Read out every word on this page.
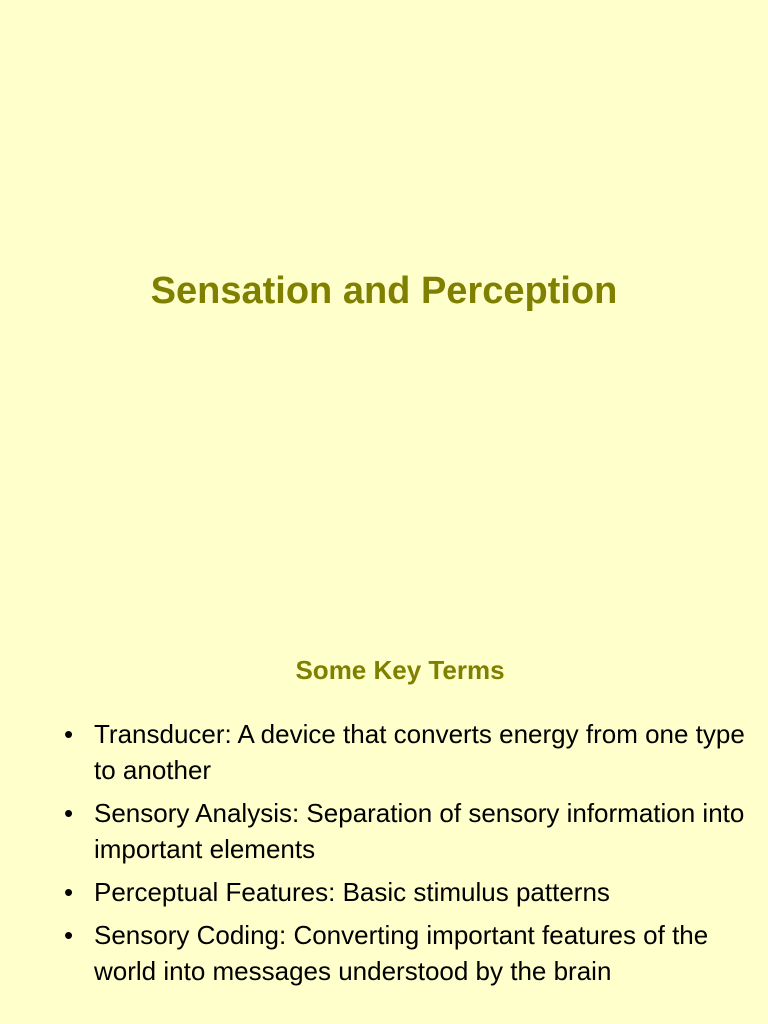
Sensation and Perception
Some Key Terms
• Transducer: A device that converts energy from one type to another
• Sensory Analysis: Separation of sensory information into important elements
• Perceptual Features: Basic stimulus patterns
• Sensory Coding: Converting important features of the world into messages understood by the brain
